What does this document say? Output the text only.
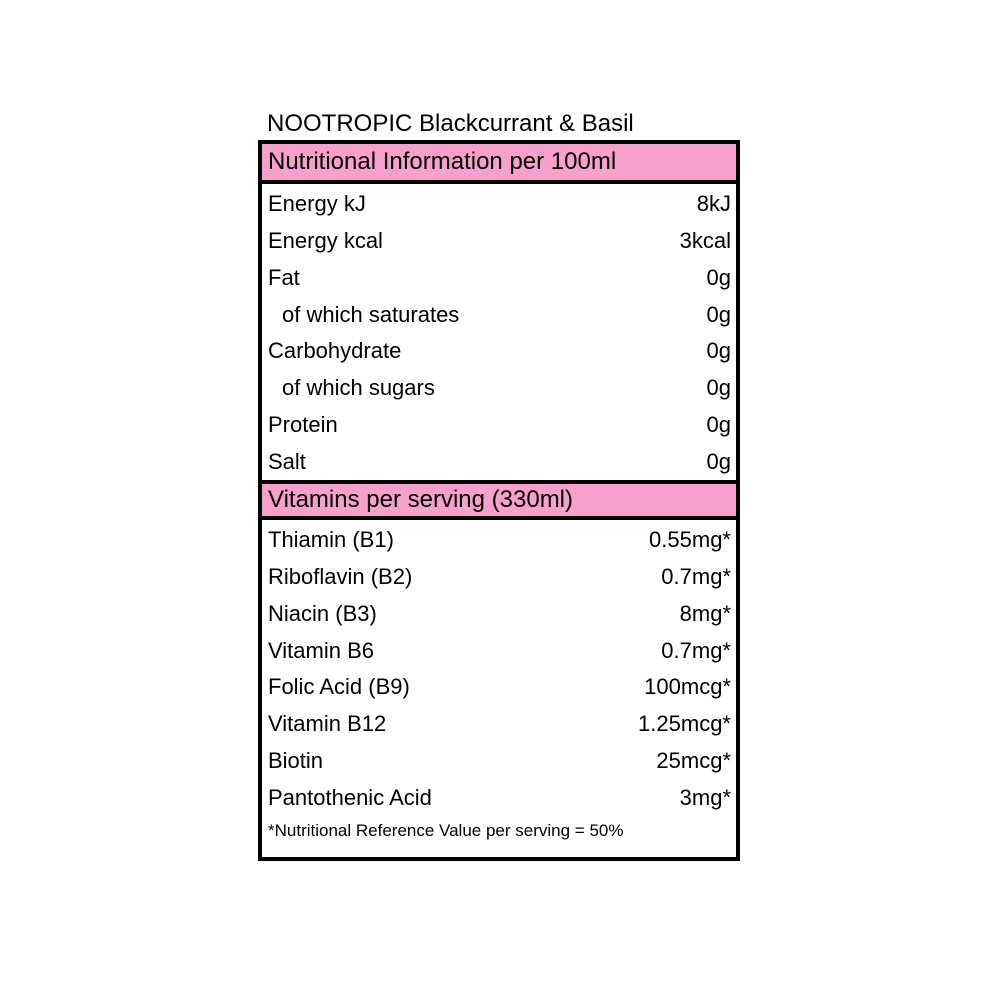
NOOTROPIC Blackcurrant & Basil
Nutritional Information per 100ml
Energy kJ	8kJ
Energy kcal	3kcal
Fat	0g
of which saturates	0g
Carbohydrate	0g
of which sugars	0g
Protein	0g
Salt	0g
Vitamins per serving (330ml)
Thiamin (B1)	0.55mg*
Riboflavin (B2)	0.7mg*
Niacin (B3)	8mg*
Vitamin B6	0.7mg*
Folic Acid (B9)	100mcg*
Vitamin B12	1.25mcg*
Biotin	25mcg*
Pantothenic Acid	3mg*
*Nutritional Reference Value per serving = 50%
